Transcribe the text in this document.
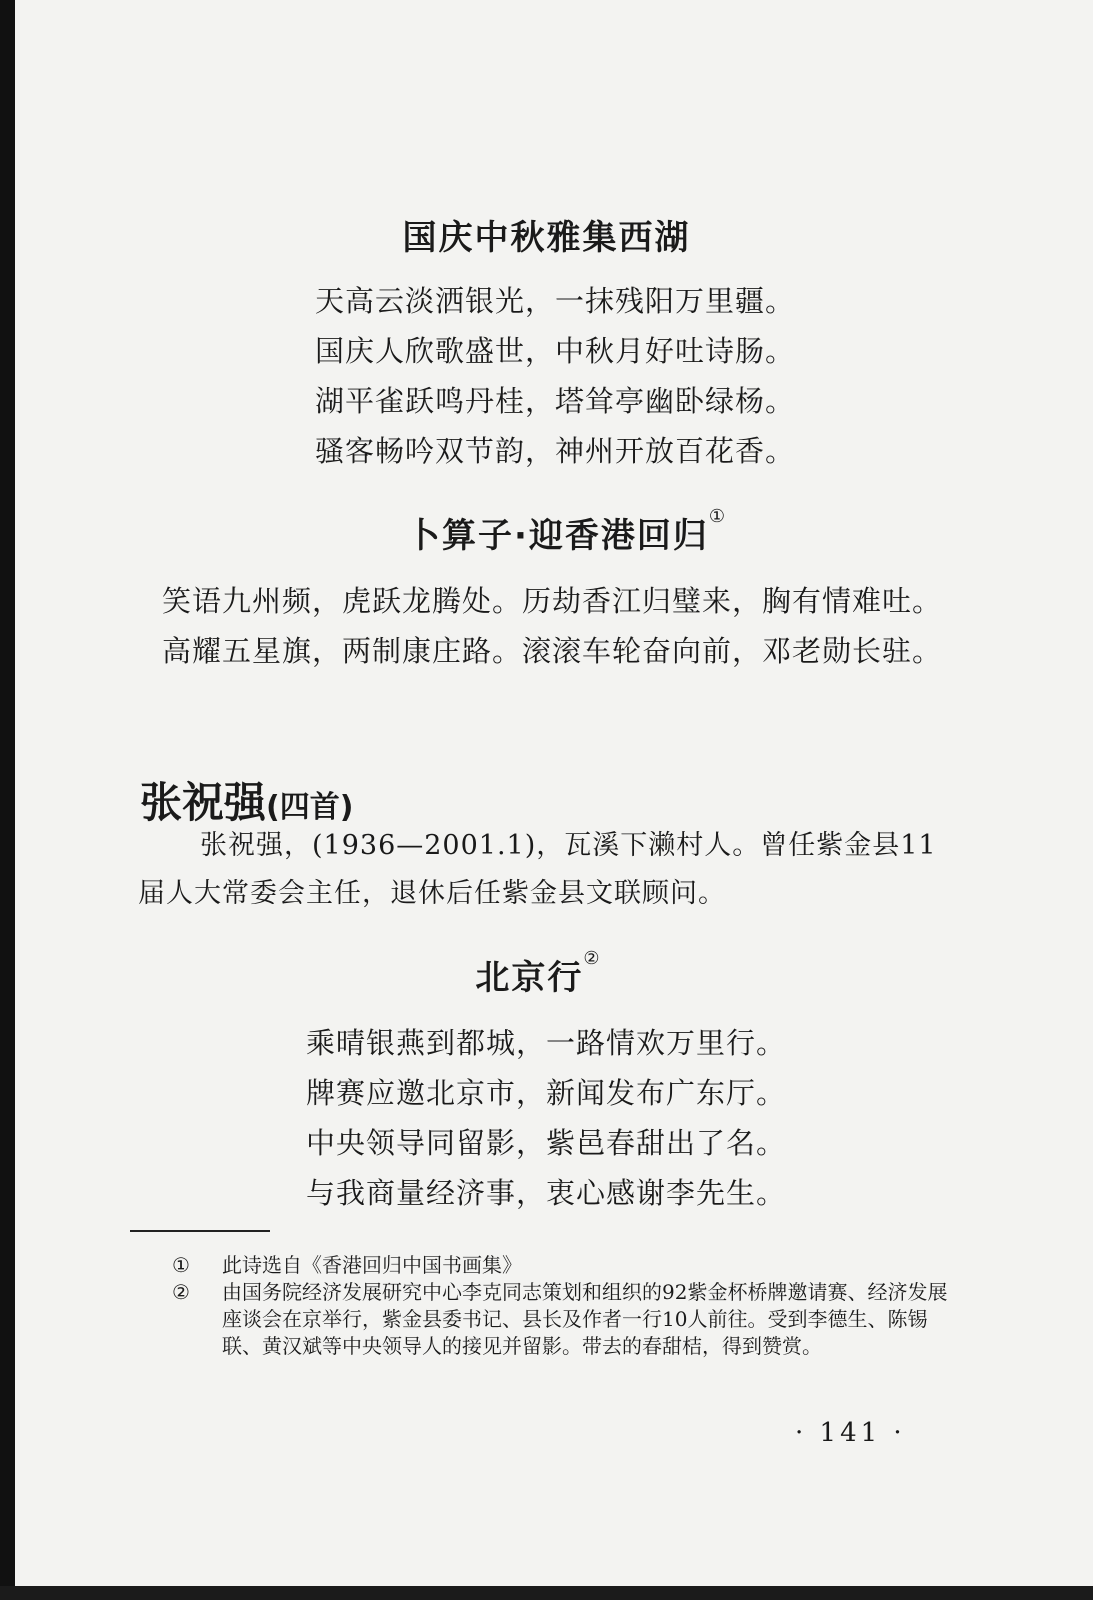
国庆中秋雅集西湖
天高云淡洒银光，一抹残阳万里疆。
国庆人欣歌盛世，中秋月好吐诗肠。
湖平雀跃鸣丹桂，塔耸亭幽卧绿杨。
骚客畅吟双节韵，神州开放百花香。
卜算子·迎香港回归①
笑语九州频，虎跃龙腾处。历劫香江归璧来，胸有情难吐。
高耀五星旗，两制康庄路。滚滚车轮奋向前，邓老勋长驻。
张祝强(四首)

张祝强，(1936—2001.1)，瓦溪下濑村人。曾任紫金县11届人大常委会主任，退休后任紫金县文联顾问。

北京行②
乘晴银燕到都城，一路情欢万里行。
牌赛应邀北京市，新闻发布广东厅。
中央领导同留影，紫邑春甜出了名。
与我商量经济事，衷心感谢李先生。
① 此诗选自《香港回归中国书画集》
② 由国务院经济发展研究中心李克同志策划和组织的92紫金杯桥牌邀请赛、经济发展座谈会在京举行，紫金县委书记、县长及作者一行10人前往。受到李德生、陈锡联、黄汉斌等中央领导人的接见并留影。带去的春甜桔，得到赞赏。
· 141 ·
